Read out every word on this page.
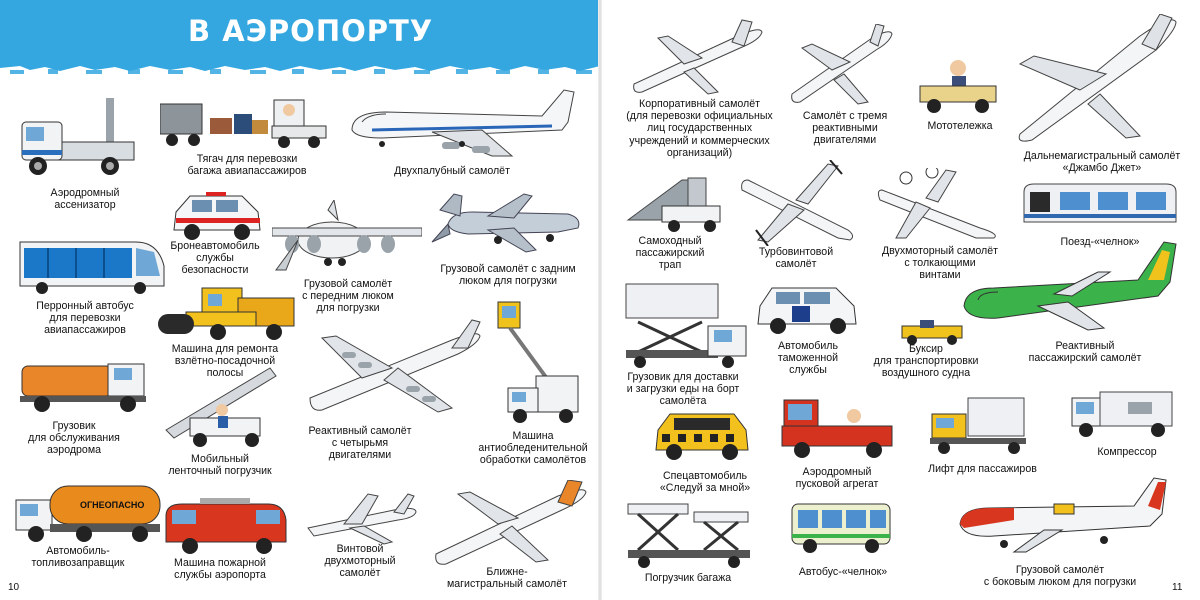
В АЭРОПОРТУ
Аэродромный
ассенизатор
Тягач для перевозки
багажа авиапассажиров	Двухпалубный самолёт
Бронеавтомобиль
службы
безопасности
Грузовой самолёт
с передним люком
для погрузки
Грузовой самолёт с задним
люком для погрузки
Перронный автобус
для перевозки
авиапассажиров
Машина для ремонта
взлётно-посадочной
полосы
Реактивный самолёт
с четырьмя
двигателями
Машина
антиобледенительной
обработки самолётов
Грузовик
для обслуживания
аэродрома
Мобильный
ленточный погрузчик
ОГНЕОПАСНО
Автомобиль-
топливозаправщик	Машина пожарной
службы аэропорта
Винтовой
двухмоторный
самолёт	Ближне-
магистральный самолёт
10
Корпоративный самолёт
(для перевозки официальных
лиц государственных
учреждений и коммерческих
организаций)
Самолёт с тремя
реактивными
двигателями
Мототележка
Дальнемагистральный самолёт
«Джамбо Джет»
Самоходный
пассажирский
трап
Турбовинтовой
самолёт
Двухмоторный самолёт
с толкающими
винтами
Поезд-«челнок»
Грузовик для доставки
и загрузки еды на борт
самолёта
Автомобиль
таможенной
службы
Буксир
для транспортировки
воздушного судна
Реактивный
пассажирский самолёт
Спецавтомобиль
«Следуй за мной»
Аэродромный
пусковой агрегат
Лифт для пассажиров
Компрессор
Погрузчик багажа	Автобус-«челнок»	Грузовой самолёт
с боковым люком для погрузки	11
